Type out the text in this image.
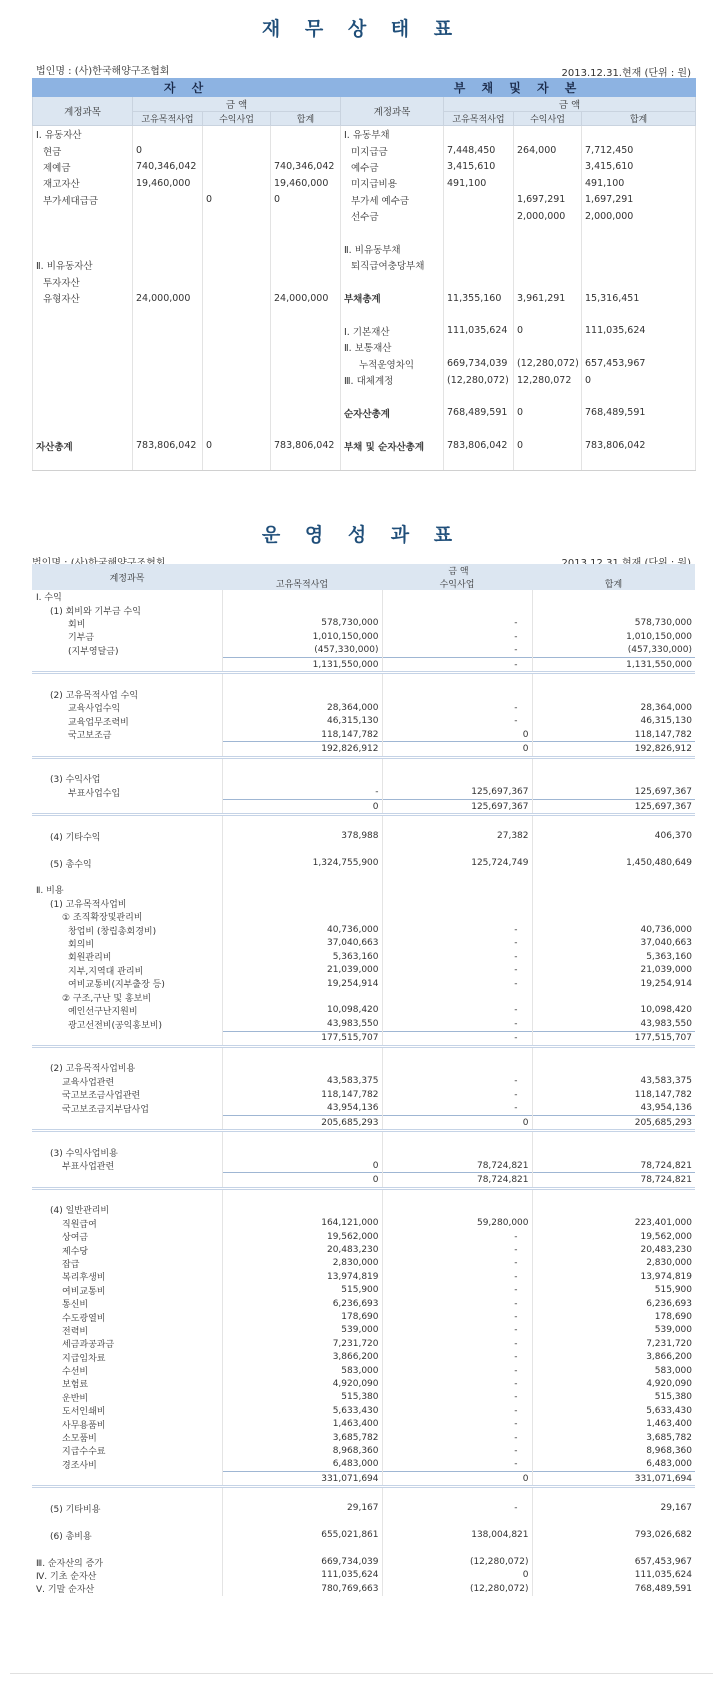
재 무 상 태 표
법인명 : (사)한국해양구조협회	2013.12.31.현재 (단위 : 원)
자 산				부 채 및 자 본			
계정과목	금 액			계정과목	금 액		
	고유목적사업	수익사업	합계		고유목적사업	수익사업	합계
Ⅰ. 유동자산				Ⅰ. 유동부채			
현금	0			미지급금	7,448,450	264,000	7,712,450
제예금	740,346,042		740,346,042	예수금	3,415,610		3,415,610
재고자산	19,460,000		19,460,000	미지급비용	491,100		491,100
부가세대급금		0	0	부가세 예수금		1,697,291	1,697,291
				선수금		2,000,000	2,000,000

				Ⅱ. 비유동부채			
Ⅱ. 비유동자산				퇴직급여충당부채			
투자자산							
유형자산	24,000,000		24,000,000	부채총계	11,355,160	3,961,291	15,316,451

				Ⅰ. 기본재산	111,035,624	0	111,035,624
				Ⅱ. 보통재산			
				누적운영차익	669,734,039	(12,280,072)	657,453,967
				Ⅲ. 대체계정	(12,280,072)	12,280,072	0

				순자산총계	768,489,591	0	768,489,591

자산총계	783,806,042	0	783,806,042	부채 및 순자산총계	783,806,042	0	783,806,042

운 영 성 과 표
계정과목	금 액		
	고유목적사업	수익사업	합계
Ⅰ. 수익			
(1) 회비와 기부금 수익			
회비	578,730,000	-	578,730,000
기부금	1,010,150,000	-	1,010,150,000
(지부영달금)	(457,330,000)	-	(457,330,000)
	1,131,550,000	-	1,131,550,000

(2) 고유목적사업 수익			
교육사업수익	28,364,000	-	28,364,000
교육업무조력비	46,315,130	-	46,315,130
국고보조금	118,147,782	0	118,147,782
	192,826,912	0	192,826,912

(3) 수익사업			
부표사업수입	-	125,697,367	125,697,367
	0	125,697,367	125,697,367

(4) 기타수익	378,988	27,382	406,370

(5) 총수익	1,324,755,900	125,724,749	1,450,480,649

Ⅱ. 비용			
(1) 고유목적사업비			
① 조직확장및관리비			
창업비 (창립총회경비)	40,736,000	-	40,736,000
회의비	37,040,663	-	37,040,663
회원관리비	5,363,160	-	5,363,160
지부,지역대 관리비	21,039,000	-	21,039,000
여비교통비(지부출장 등)	19,254,914	-	19,254,914
② 구조,구난 및 홍보비			
예인선구난지원비	10,098,420	-	10,098,420
광고선전비(공익홍보비)	43,983,550	-	43,983,550
	177,515,707	-	177,515,707

(2) 고유목적사업비용			
교육사업관련	43,583,375	-	43,583,375
국고보조금사업관련	118,147,782	-	118,147,782
국고보조금지부담사업	43,954,136	-	43,954,136
	205,685,293	0	205,685,293

(3) 수익사업비용			
부표사업관련	0	78,724,821	78,724,821
	0	78,724,821	78,724,821

(4) 일반관리비			
직원급여	164,121,000	59,280,000	223,401,000
상여금	19,562,000	-	19,562,000
제수당	20,483,230	-	20,483,230
잡급	2,830,000	-	2,830,000
복리후생비	13,974,819	-	13,974,819
여비교통비	515,900	-	515,900
통신비	6,236,693	-	6,236,693
수도광열비	178,690	-	178,690
전력비	539,000	-	539,000
세금과공과금	7,231,720	-	7,231,720
지급임차료	3,866,200	-	3,866,200
수선비	583,000	-	583,000
보험료	4,920,090	-	4,920,090
운반비	515,380	-	515,380
도서인쇄비	5,633,430	-	5,633,430
사무용품비	1,463,400	-	1,463,400
소모품비	3,685,782	-	3,685,782
지급수수료	8,968,360	-	8,968,360
경조사비	6,483,000	-	6,483,000
	331,071,694	0	331,071,694

(5) 기타비용	29,167	-	29,167

(6) 총비용	655,021,861	138,004,821	793,026,682

Ⅲ. 순자산의 증가	669,734,039	(12,280,072)	657,453,967
Ⅳ. 기초 순자산	111,035,624	0	111,035,624
Ⅴ. 기말 순자산	780,769,663	(12,280,072)	768,489,591
